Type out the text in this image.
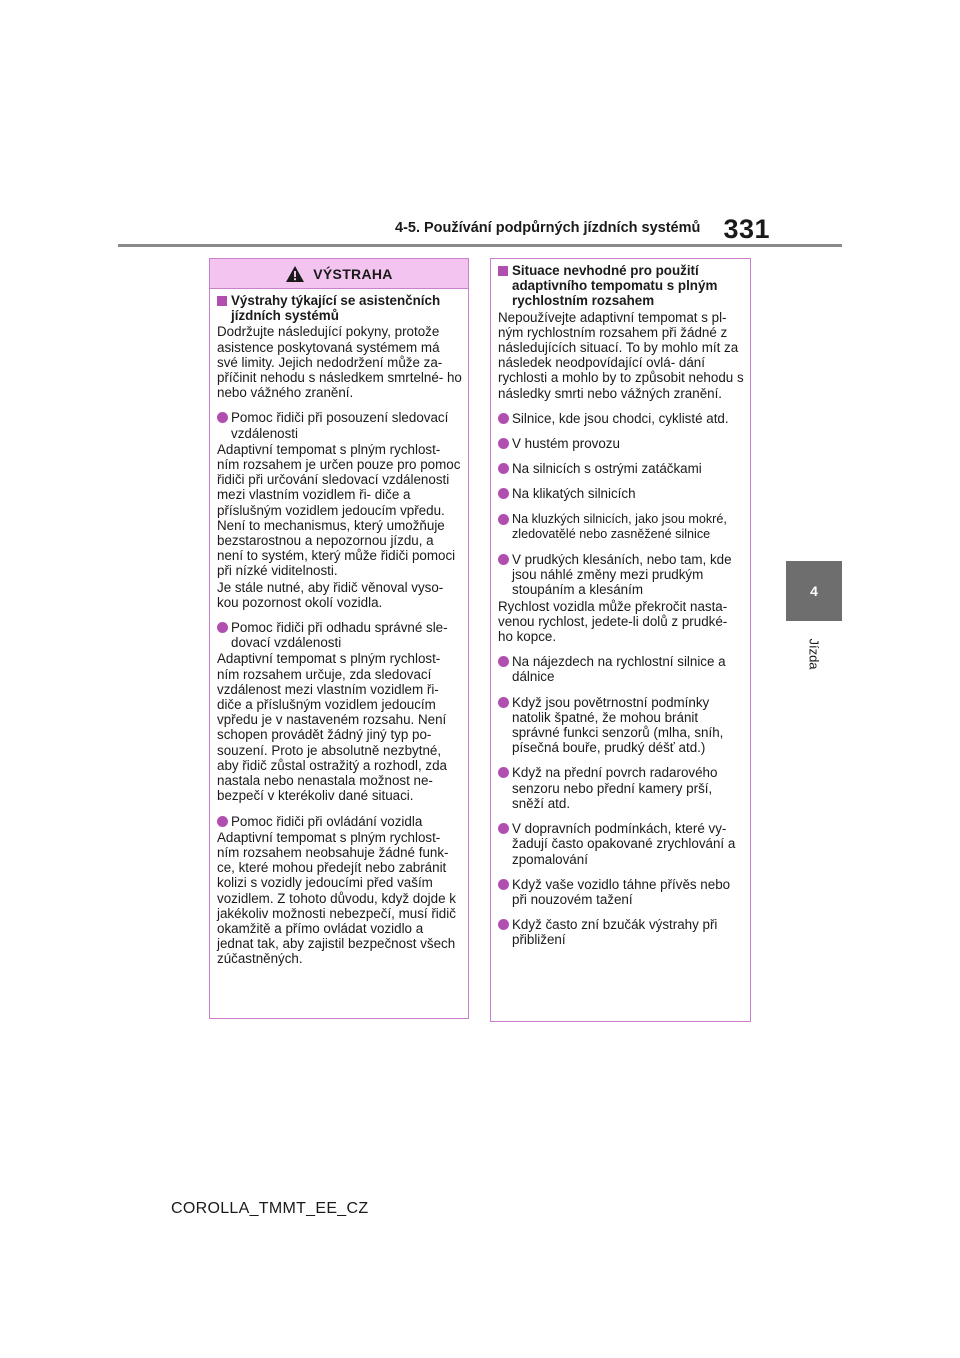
4-5. Používání podpůrných jízdních systémů 331
4
Jízda
VÝSTRAHA
Výstrahy týkající se asistenčních jízdních systémů
Dodržujte následující pokyny, protože asistence poskytovaná systémem má své limity. Jejich nedodržení může za- příčinit nehodu s následkem smrtelné- ho nebo vážného zranění.
Pomoc řidiči při posouzení sledovací vzdálenosti
Adaptivní tempomat s plným rychlost- ním rozsahem je určen pouze pro pomoc řidiči při určování sledovací vzdálenosti mezi vlastním vozidlem ři- diče a příslušným vozidlem jedoucím vpředu. Není to mechanismus, který umožňuje bezstarostnou a nepozornou jízdu, a není to systém, který může řidiči pomoci při nízké viditelnosti.
Je stále nutné, aby řidič věnoval vyso- kou pozornost okolí vozidla.
Pomoc řidiči při odhadu správné sle- dovací vzdálenosti
Adaptivní tempomat s plným rychlost- ním rozsahem určuje, zda sledovací vzdálenost mezi vlastním vozidlem ři- diče a příslušným vozidlem jedoucím vpředu je v nastaveném rozsahu. Není schopen provádět žádný jiný typ po- souzení. Proto je absolutně nezbytné, aby řidič zůstal ostražitý a rozhodl, zda nastala nebo nenastala možnost ne- bezpečí v kterékoliv dané situaci.
Pomoc řidiči při ovládání vozidla
Adaptivní tempomat s plným rychlost- ním rozsahem neobsahuje žádné funk- ce, které mohou předejít nebo zabránit kolizi s vozidly jedoucími před vaším vozidlem. Z tohoto důvodu, když dojde k jakékoliv možnosti nebezpečí, musí řidič okamžitě a přímo ovládat vozidlo a jednat tak, aby zajistil bezpečnost všech zúčastněných.
Situace nevhodné pro použití adaptivního tempomatu s plným rychlostním rozsahem
Nepoužívejte adaptivní tempomat s pl- ným rychlostním rozsahem při žádné z následujících situací. To by mohlo mít za následek neodpovídající ovlá- dání rychlosti a mohlo by to způsobit nehodu s následky smrti nebo vážných zranění.
Silnice, kde jsou chodci, cyklisté atd.
V hustém provozu
Na silnicích s ostrými zatáčkami
Na klikatých silnicích
Na kluzkých silnicích, jako jsou mokré, zledovatělé nebo zasněžené silnice
V prudkých klesáních, nebo tam, kde jsou náhlé změny mezi prudkým stoupáním a klesáním
Rychlost vozidla může překročit nasta- venou rychlost, jedete-li dolů z prudké- ho kopce.
Na nájezdech na rychlostní silnice a dálnice
Když jsou povětrnostní podmínky natolik špatné, že mohou bránit správné funkci senzorů (mlha, sníh, písečná bouře, prudký déšť atd.)
Když na přední povrch radarového senzoru nebo přední kamery prší, sněží atd.
V dopravních podmínkách, které vy- žadují často opakované zrychlování a zpomalování
Když vaše vozidlo táhne přívěs nebo při nouzovém tažení
Když často zní bzučák výstrahy při přibližení
COROLLA_TMMT_EE_CZ
